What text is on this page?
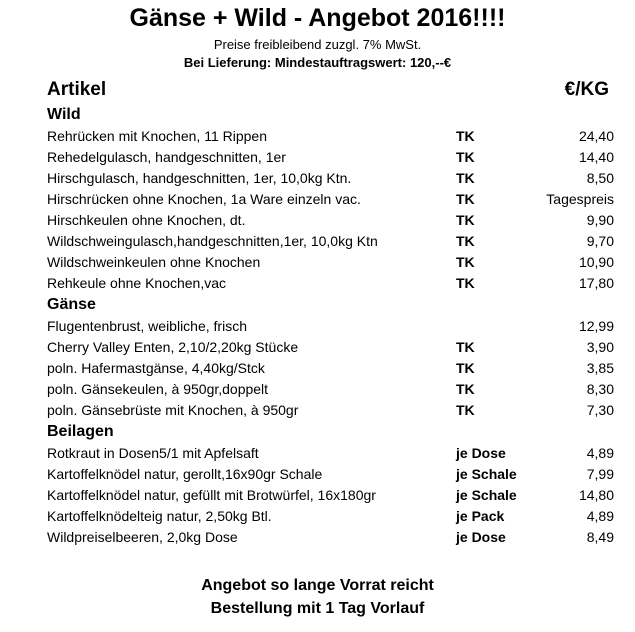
Gänse + Wild - Angebot 2016!!!!
Preise freibleibend zuzgl. 7% MwSt.
Bei Lieferung: Mindestauftragswert: 120,--€
Artikel	€/KG
Wild
Rehrücken mit Knochen, 11 Rippen	TK	24,40
Rehedelgulasch, handgeschnitten, 1er	TK	14,40
Hirschgulasch, handgeschnitten, 1er, 10,0kg Ktn.	TK	8,50
Hirschrücken ohne Knochen, 1a Ware einzeln vac.	TK	Tagespreis
Hirschkeulen ohne Knochen, dt.	TK	9,90
Wildschweingulasch,handgeschnitten,1er, 10,0kg Ktn	TK	9,70
Wildschweinkeulen ohne Knochen	TK	10,90
Rehkeule ohne Knochen,vac	TK	17,80
Gänse
Flugentenbrust, weibliche, frisch	12,99
Cherry Valley Enten, 2,10/2,20kg Stücke	TK	3,90
poln. Hafermastgänse, 4,40kg/Stck	TK	3,85
poln. Gänsekeulen, à 950gr,doppelt	TK	8,30
poln. Gänsebrüste mit Knochen, à 950gr	TK	7,30
Beilagen
Rotkraut in Dosen5/1 mit Apfelsaft	je Dose	4,89
Kartoffelknödel natur, gerollt,16x90gr Schale	je Schale	7,99
Kartoffelknödel natur, gefüllt mit Brotwürfel, 16x180gr	je Schale	14,80
Kartoffelknödelteig natur, 2,50kg Btl.	je Pack	4,89
Wildpreiselbeeren, 2,0kg Dose	je Dose	8,49
Angebot so lange Vorrat reicht
Bestellung mit 1 Tag Vorlauf
